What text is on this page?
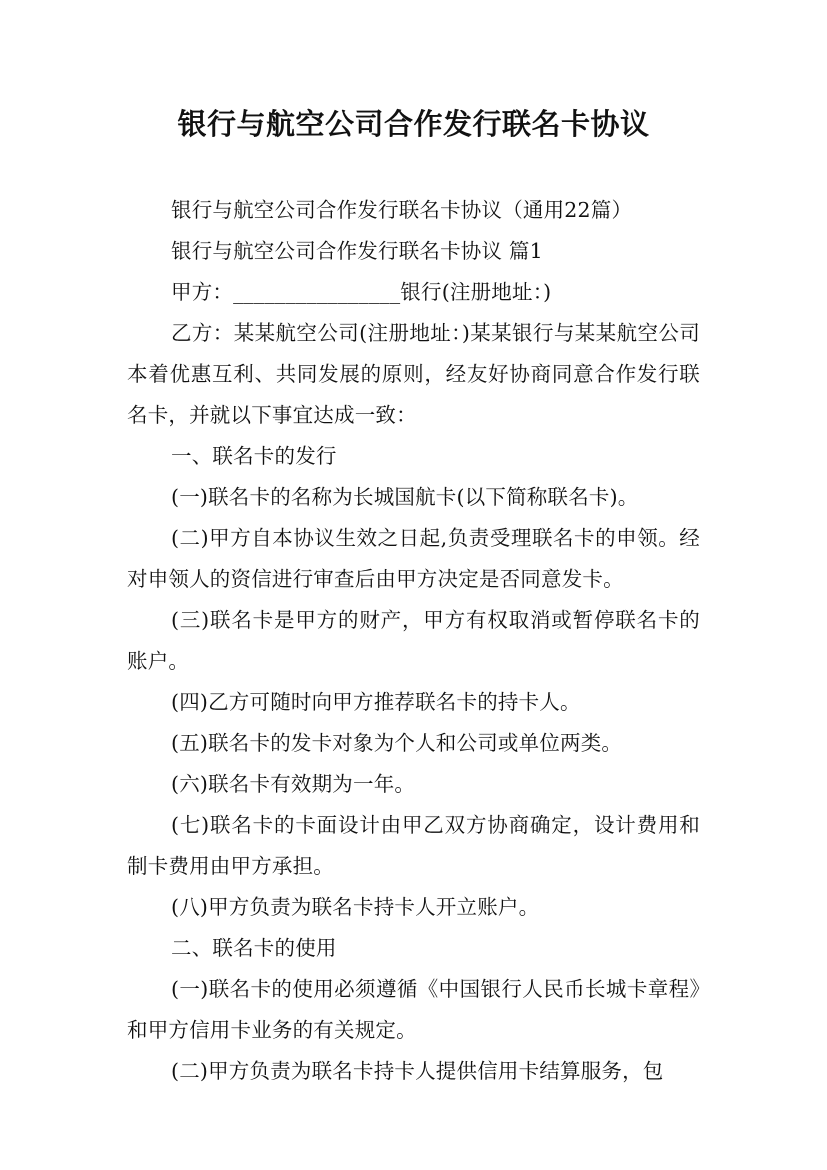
银行与航空公司合作发行联名卡协议

银行与航空公司合作发行联名卡协议（通用22篇）

银行与航空公司合作发行联名卡协议 篇1

甲方：________________银行(注册地址：)

乙方：某某航空公司(注册地址：)某某银行与某某航空公司本着优惠互利、共同发展的原则，经友好协商同意合作发行联名卡，并就以下事宜达成一致：

一、联名卡的发行

(一)联名卡的名称为长城国航卡(以下简称联名卡)。

(二)甲方自本协议生效之日起,负责受理联名卡的申领。经对申领人的资信进行审查后由甲方决定是否同意发卡。

(三)联名卡是甲方的财产，甲方有权取消或暂停联名卡的账户。

(四)乙方可随时向甲方推荐联名卡的持卡人。

(五)联名卡的发卡对象为个人和公司或单位两类。

(六)联名卡有效期为一年。

(七)联名卡的卡面设计由甲乙双方协商确定，设计费用和制卡费用由甲方承担。

(八)甲方负责为联名卡持卡人开立账户。

二、联名卡的使用

(一)联名卡的使用必须遵循《中国银行人民币长城卡章程》和甲方信用卡业务的有关规定。

(二)甲方负责为联名卡持卡人提供信用卡结算服务，包
